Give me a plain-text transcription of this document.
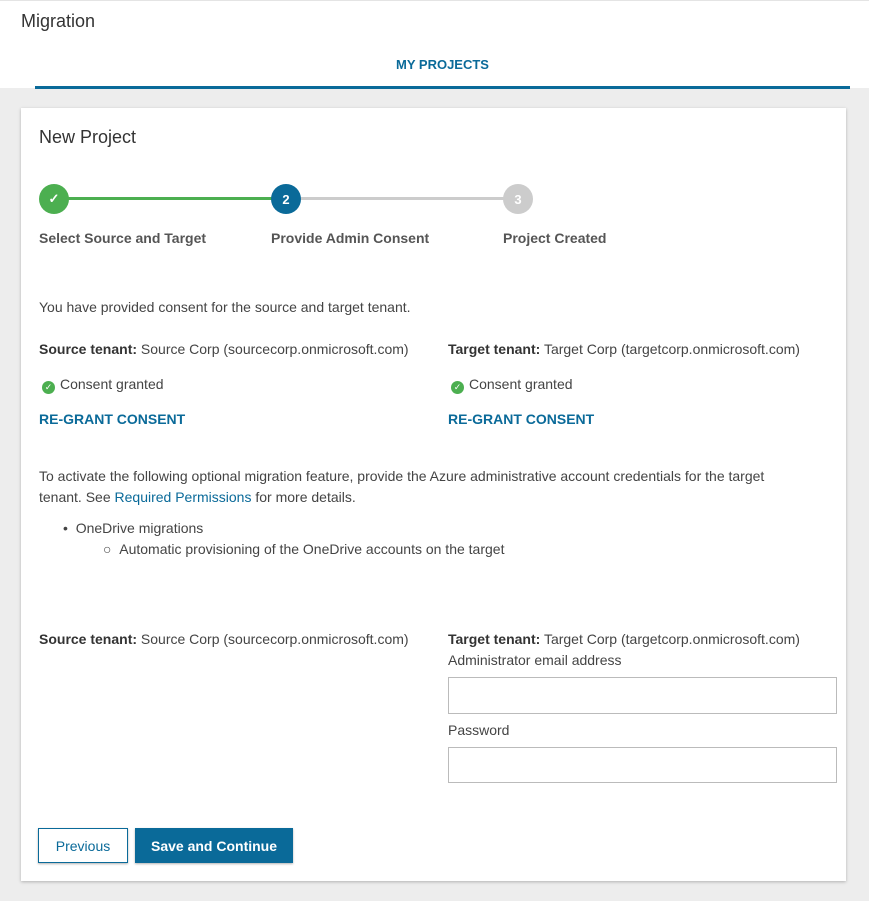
Migration
MY PROJECTS
New Project
✓	2	3
Select Source and Target	Provide Admin Consent	Project Created
You have provided consent for the source and target tenant.
Source tenant: Source Corp (sourcecorp.onmicrosoft.com)
✓ Consent granted
RE-GRANT CONSENT
Target tenant: Target Corp (targetcorp.onmicrosoft.com)
✓ Consent granted
RE-GRANT CONSENT
To activate the following optional migration feature, provide the Azure administrative account credentials for the target
tenant. See Required Permissions for more details.
•  OneDrive migrations
○  Automatic provisioning of the OneDrive accounts on the target
Source tenant: Source Corp (sourcecorp.onmicrosoft.com)	Target tenant: Target Corp (targetcorp.onmicrosoft.com)
Administrator email address
Password
Previous	Save and Continue
